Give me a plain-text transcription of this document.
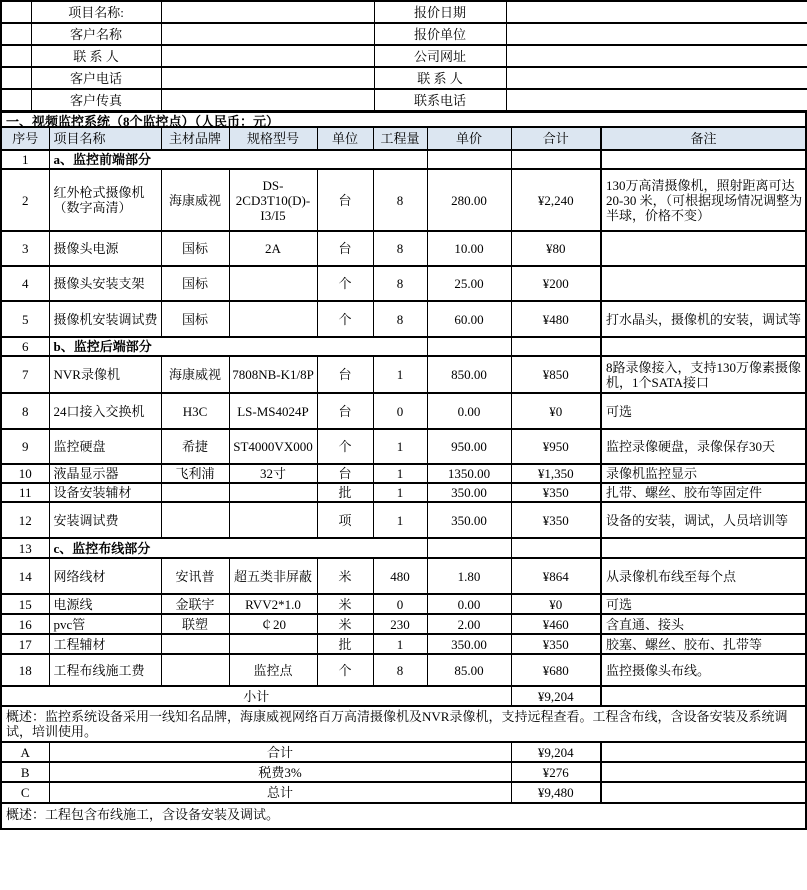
	项目名称:		报价日期	
	客户名称		报价单位	
	联 系 人		公司网址	
	客户电话		联 系 人	
	客户传真		联系电话	
一、视频监控系统（8个监控点）（人民币：元）
序号	项目名称	主材品牌	规格型号	单位	工程量	单价	合计	备注
1	a、监控前端部分							
2	红外枪式摄像机（数字高清）	海康威视	DS-2CD3T10(D)-I3/I5	台	8	280.00	¥2,240	130万高清摄像机，照射距离可达20-30 米，（可根据现场情况调整为半球，价格不变）
3	摄像头电源	国标	2A	台	8	10.00	¥80	
4	摄像头安装支架	国标		个	8	25.00	¥200	
5	摄像机安装调试费	国标		个	8	60.00	¥480	打水晶头，摄像机的安装，调试等
6	b、监控后端部分							
7	NVR录像机	海康威视	7808NB-K1/8P	台	1	850.00	¥850	8路录像接入，支持130万像素摄像机，1个SATA接口
8	24口接入交换机	H3C	LS-MS4024P	台	0	0.00	¥0	可选
9	监控硬盘	希捷	ST4000VX000	个	1	950.00	¥950	监控录像硬盘，录像保存30天
10	液晶显示器	飞利浦	32寸	台	1	1350.00	¥1,350	录像机监控显示
11	设备安装辅材			批	1	350.00	¥350	扎带、螺丝、胶布等固定件
12	安装调试费			项	1	350.00	¥350	设备的安装，调试，人员培训等
13	c、监控布线部分							
14	网络线材	安讯普	超五类非屏蔽	米	480	1.80	¥864	从录像机布线至每个点
15	电源线	金联宇	RVV2*1.0	米	0	0.00	¥0	可选
16	pvc管	联塑	￠20	米	230	2.00	¥460	含直通、接头
17	工程辅材			批	1	350.00	¥350	胶塞、螺丝、胶布、扎带等
18	工程布线施工费		监控点	个	8	85.00	¥680	监控摄像头布线。
小计							¥9,204	
概述：监控系统设备采用一线知名品牌，海康威视网络百万高清摄像机及NVR录像机，支持远程查看。工程含布线，含设备安装及系统调试，培训使用。								
A	合计						¥9,204	
B	税费3%						¥276	
C	总计						¥9,480	
概述：工程包含布线施工，含设备安装及调试。								
